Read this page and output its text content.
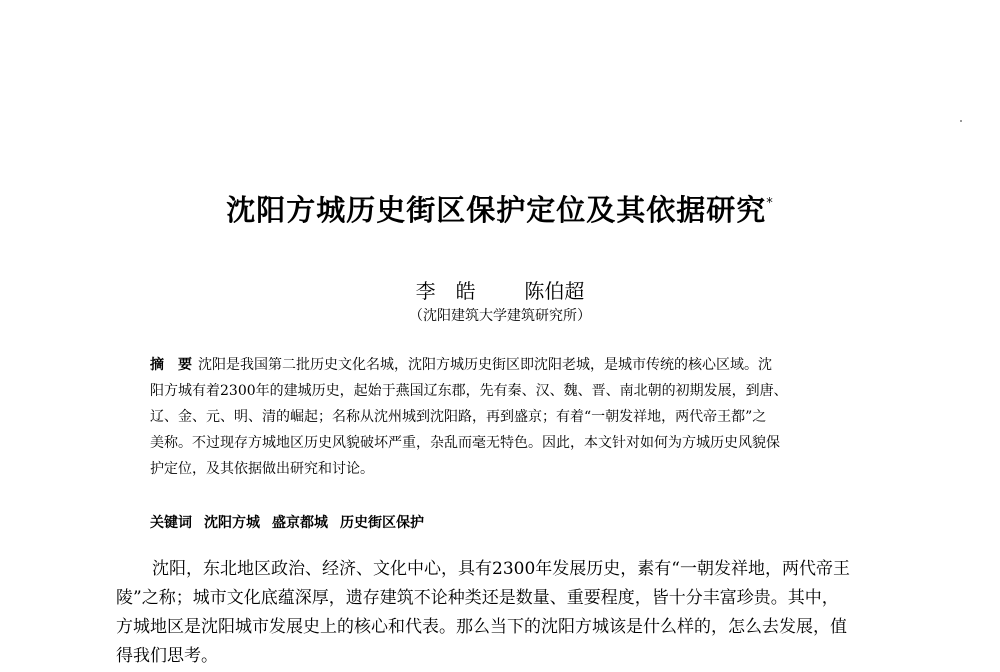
沈阳方城历史街区保护定位及其依据研究*
李　皓 陈伯超
（沈阳建筑大学建筑研究所）
摘　要 沈阳是我国第二批历史文化名城，沈阳方城历史街区即沈阳老城，是城市传统的核心区域。沈
阳方城有着2300年的建城历史，起始于燕国辽东郡，先有秦、汉、魏、晋、南北朝的初期发展，到唐、
辽、金、元、明、清的崛起；名称从沈州城到沈阳路，再到盛京；有着“一朝发祥地，两代帝王都”之
美称。不过现存方城地区历史风貌破坏严重，杂乱而毫无特色。因此，本文针对如何为方城历史风貌保
护定位，及其依据做出研究和讨论。
关键词 沈阳方城 盛京都城 历史街区保护
沈阳，东北地区政治、经济、文化中心，具有2300年发展历史，素有“一朝发祥地，两代帝王
陵”之称；城市文化底蕴深厚，遗存建筑不论种类还是数量、重要程度，皆十分丰富珍贵。其中，
方城地区是沈阳城市发展史上的核心和代表。那么当下的沈阳方城该是什么样的，怎么去发展，值
得我们思考。
